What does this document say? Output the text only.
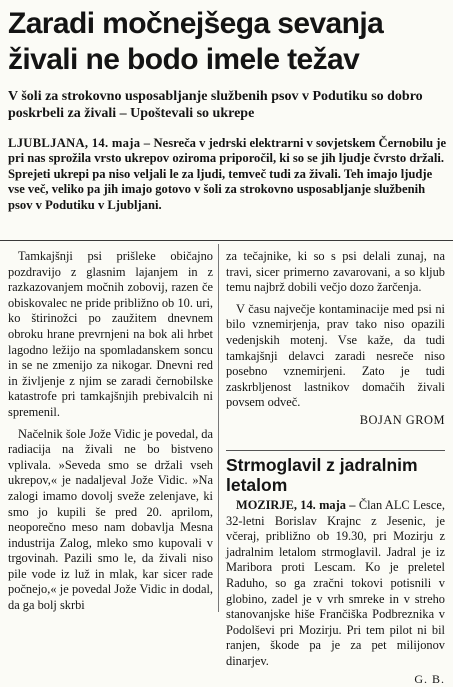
Zaradi močnejšega sevanja
živali ne bodo imele težav
V šoli za strokovno usposabljanje službenih psov v Podutiku so dobro poskrbeli za živali – Upoštevali so ukrepe
LJUBLJANA, 14. maja – Nesreča v jedrski elektrarni v sovjetskem Černobilu je pri nas sprožila vrsto ukrepov oziroma priporočil, ki so se jih ljudje čvrsto držali. Sprejeti ukrepi pa niso veljali le za ljudi, temveč tudi za živali. Teh imajo ljudje vse več, veliko pa jih imajo gotovo v šoli za strokovno usposabljanje službenih psov v Podutiku v Ljubljani.

Tamkajšnji psi prišleke običajno pozdravijo z glasnim lajanjem in z razkazovanjem močnih zobovij, razen če obiskovalec ne pride približno ob 10. uri, ko štirinožci po zaužitem dnevnem obroku hrane prevrnjeni na bok ali hrbet lagodno ležijo na spomladanskem soncu in se ne zmenijo za nikogar. Dnevni red in življenje z njim se zaradi černobilske katastrofe pri tamkajšnjih prebivalcih ni spremenil.

Načelnik šole Jože Vidic je povedal, da radiacija na živali ne bo bistveno vplivala. »Seveda smo se držali vseh ukrepov,« je nadaljeval Jože Vidic. »Na zalogi imamo dovolj sveže zelenjave, ki smo jo kupili še pred 20. aprilom, neoporečno meso nam dobavlja Mesna industrija Zalog, mleko smo kupovali v trgovinah. Pazili smo le, da živali niso pile vode iz luž in mlak, kar sicer rade počnejo,« je povedal Jože Vidic in dodal, da ga bolj skrbi

za tečajnike, ki so s psi delali zunaj, na travi, sicer primerno zavarovani, a so kljub temu najbrž dobili večjo dozo žarčenja.

V času največje kontaminacije med psi ni bilo vznemirjenja, prav tako niso opazili vedenjskih motenj. Vse kaže, da tudi tamkajšnji delavci zaradi nesreče niso posebno vznemirjeni. Zato je tudi zaskrbljenost lastnikov domačih živali povsem odveč.

BOJAN GROM
Strmoglavil z jadralnim letalom

MOZIRJE, 14. maja – Član ALC Lesce, 32-letni Borislav Krajnc z Jesenic, je včeraj, približno ob 19.30, pri Mozirju z jadralnim letalom strmoglavil. Jadral je iz Maribora proti Lescam. Ko je preletel Raduho, so ga zračni tokovi potisnili v globino, zadel je v vrh smreke in v streho stanovanjske hiše Frančiška Podbreznika v Podolševi pri Mozirju. Pri tem pilot ni bil ranjen, škode pa je za pet milijonov dinarjev.

G. B.
